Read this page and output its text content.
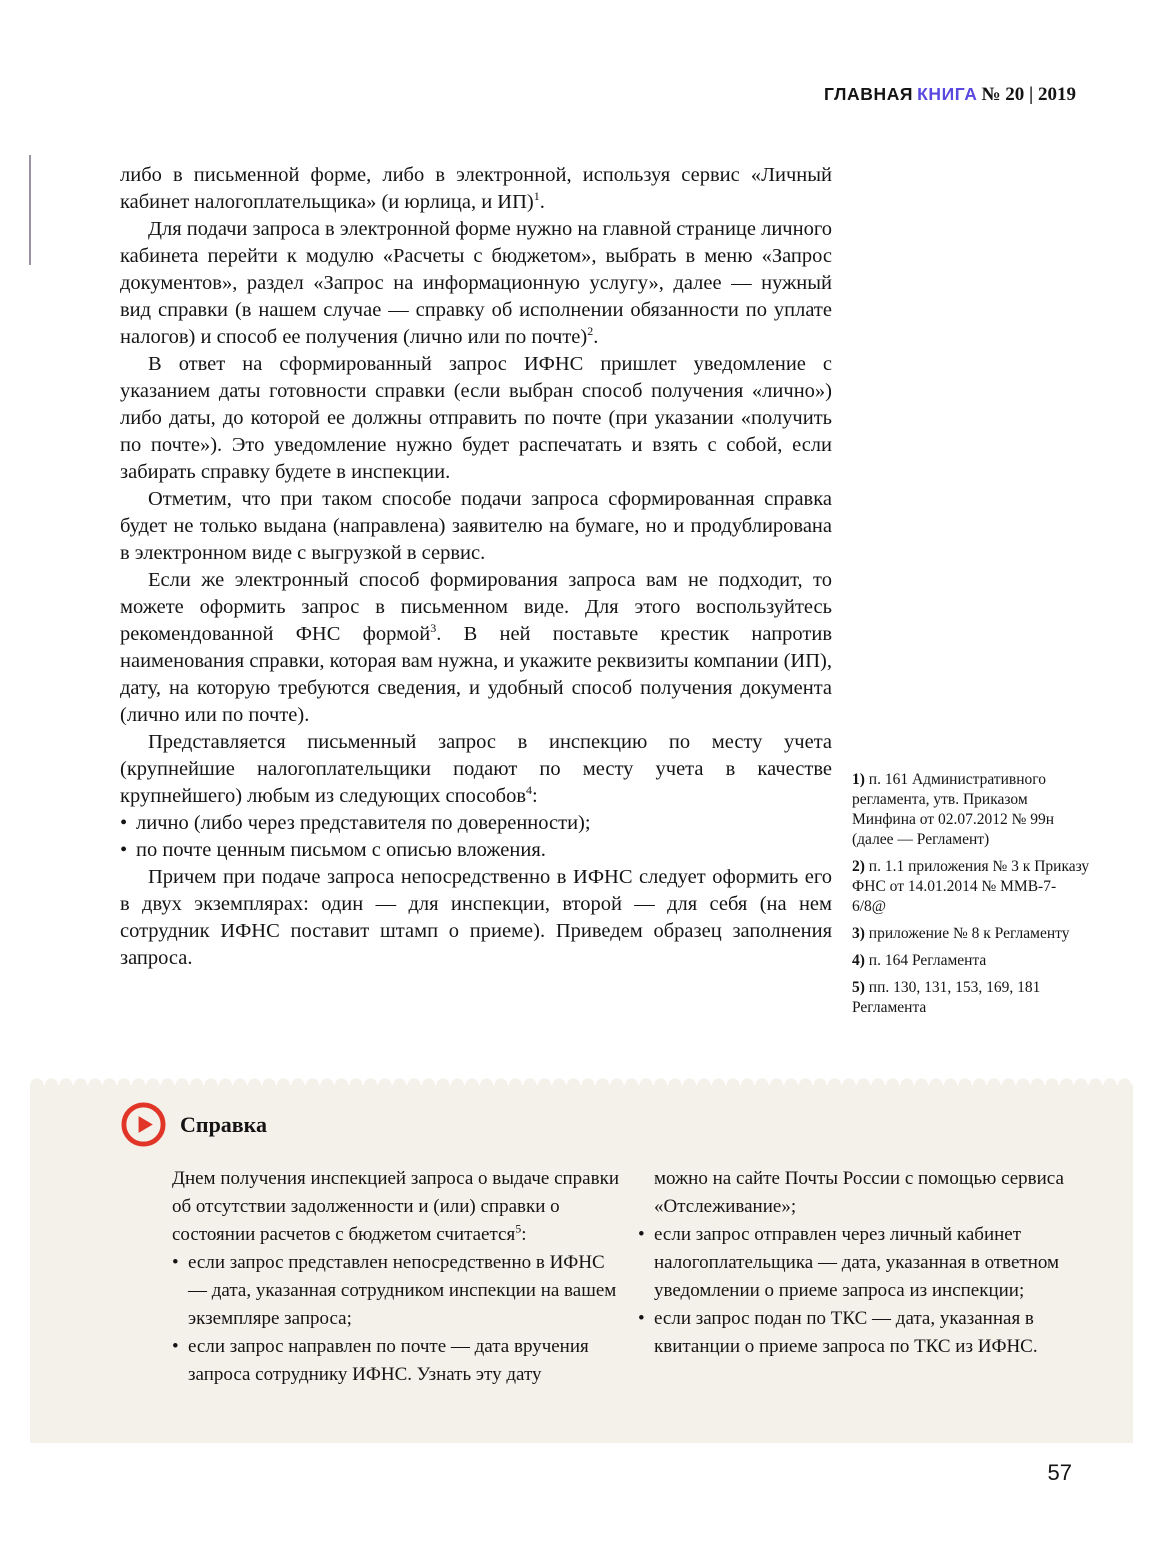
ГЛАВНАЯ КНИГА № 20 | 2019

либо в письменной форме, либо в электронной, используя сервис «Личный кабинет налогоплательщика» (и юрлица, и ИП)$^1$.

Для подачи запроса в электронной форме нужно на главной странице личного кабинета перейти к модулю «Расчеты с бюджетом», выбрать в меню «Запрос документов», раздел «Запрос на информационную услугу», далее — нужный вид справки (в нашем случае — справку об исполнении обязанности по уплате налогов) и способ ее получения (лично или по почте)$^2$.

В ответ на сформированный запрос ИФНС пришлет уведомление с указанием даты готовности справки (если выбран способ получения «лично») либо даты, до которой ее должны отправить по почте (при указании «получить по почте»). Это уведомление нужно будет распечатать и взять с собой, если забирать справку будете в инспекции.

Отметим, что при таком способе подачи запроса сформированная справка будет не только выдана (направлена) заявителю на бумаге, но и продублирована в электронном виде с выгрузкой в сервис.

Если же электронный способ формирования запроса вам не подходит, то можете оформить запрос в письменном виде. Для этого воспользуйтесь рекомендованной ФНС формой$^3$. В ней поставьте крестик напротив наименования справки, которая вам нужна, и укажите реквизиты компании (ИП), дату, на которую требуются сведения, и удобный способ получения документа (лично или по почте).

Представляется письменный запрос в инспекцию по месту учета (крупнейшие налогоплательщики подают по месту учета в качестве крупнейшего) любым из следующих способов$^4$:

• лично (либо через представителя по доверенности);
• по почте ценным письмом с описью вложения.

Причем при подаче запроса непосредственно в ИФНС следует оформить его в двух экземплярах: один — для инспекции, второй — для себя (на нем сотрудник ИФНС поставит штамп о приеме). Приведем образец заполнения запроса.

1) п. 161 Административного регламента, утв. Приказом Минфина от 02.07.2012 № 99н (далее — Регламент)

2) п. 1.1 приложения № 3 к Приказу ФНС от 14.01.2014 № ММВ-7-6/8@

3) приложение № 8 к Регламенту

4) п. 164 Регламента

5) пп. 130, 131, 153, 169, 181 Регламента

Справка

Днем получения инспекцией запроса о выдаче справки об отсутствии задолженности и (или) справки о состоянии расчетов с бюджетом считается$^5$:

• если запрос представлен непосредственно в ИФНС — дата, указанная сотрудником инспекции на вашем экземпляре запроса;
• если запрос направлен по почте — дата вручения запроса сотруднику ИФНС. Узнать эту дату

можно на сайте Почты России с помощью сервиса «Отслеживание»;

• если запрос отправлен через личный кабинет налогоплательщика — дата, указанная в ответном уведомлении о приеме запроса из инспекции;
• если запрос подан по ТКС — дата, указанная в квитанции о приеме запроса по ТКС из ИФНС.
57
